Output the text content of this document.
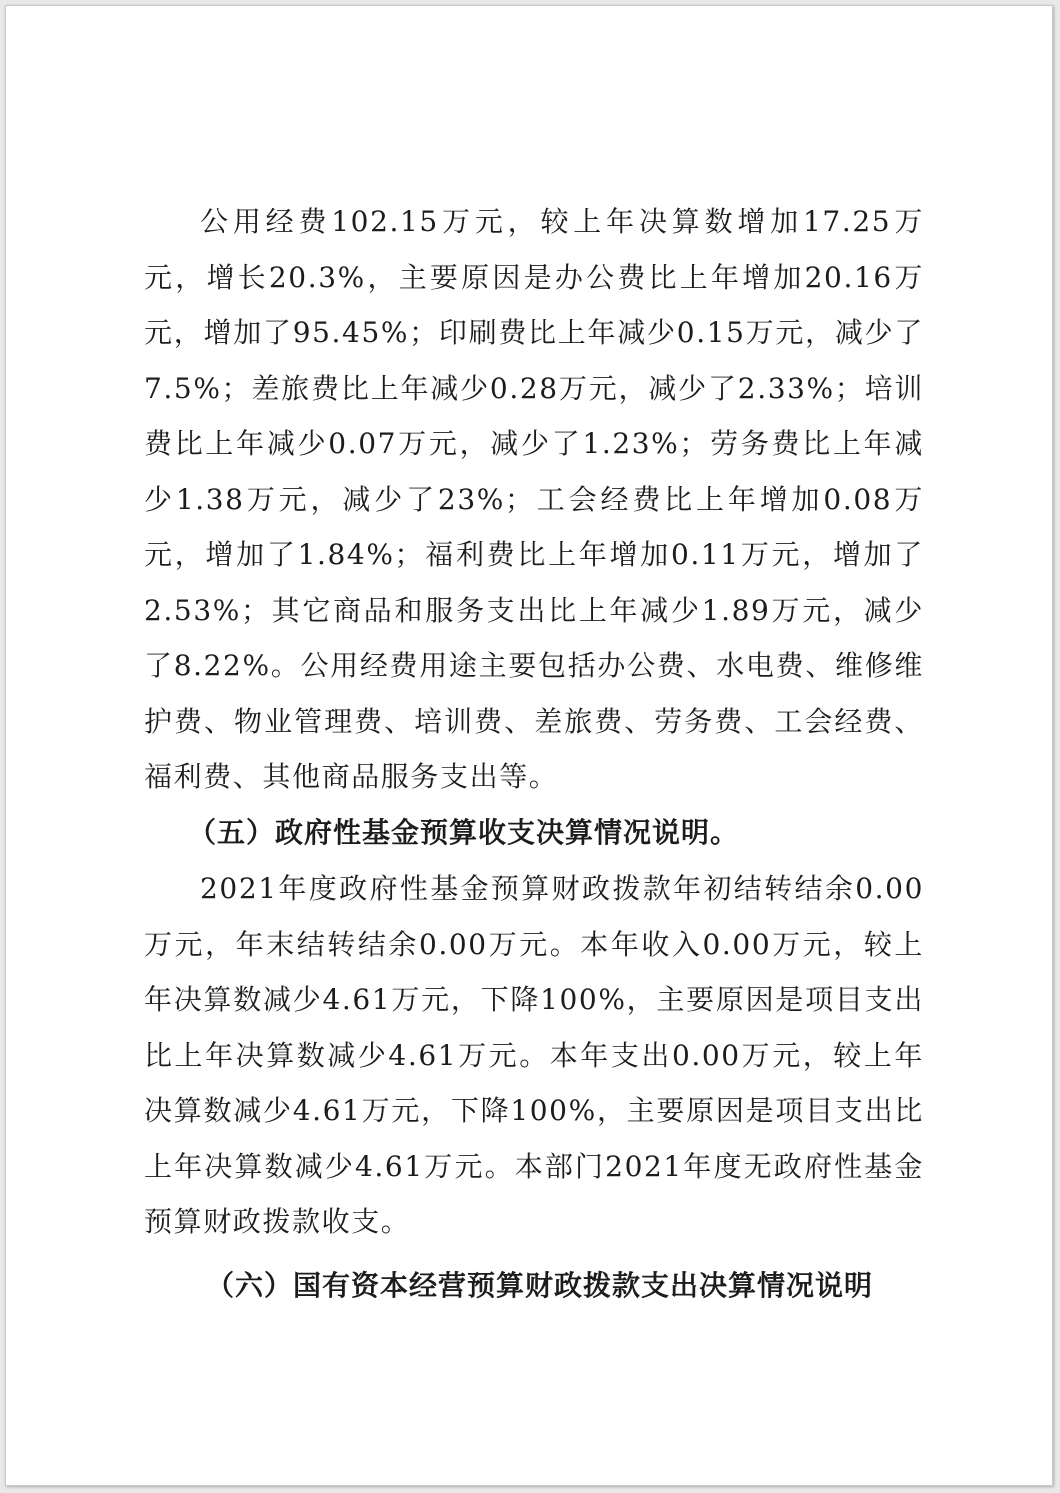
公用经费102.15万元，较上年决算数增加17.25万元，增长20.3%，主要原因是办公费比上年增加20.16万元，增加了95.45%；印刷费比上年减少0.15万元，减少了7.5%；差旅费比上年减少0.28万元，减少了2.33%；培训费比上年减少0.07万元，减少了1.23%；劳务费比上年减少1.38万元，减少了23%；工会经费比上年增加0.08万元，增加了1.84%；福利费比上年增加0.11万元，增加了2.53%；其它商品和服务支出比上年减少1.89万元，减少了8.22%。公用经费用途主要包括办公费、水电费、维修维护费、物业管理费、培训费、差旅费、劳务费、工会经费、福利费、其他商品服务支出等。

（五）政府性基金预算收支决算情况说明。

2021年度政府性基金预算财政拨款年初结转结余0.00万元，年末结转结余0.00万元。本年收入0.00万元，较上年决算数减少4.61万元，下降100%，主要原因是项目支出比上年决算数减少4.61万元。本年支出0.00万元，较上年决算数减少4.61万元，下降100%，主要原因是项目支出比上年决算数减少4.61万元。本部门2021年度无政府性基金预算财政拨款收支。

（六）国有资本经营预算财政拨款支出决算情况说明
